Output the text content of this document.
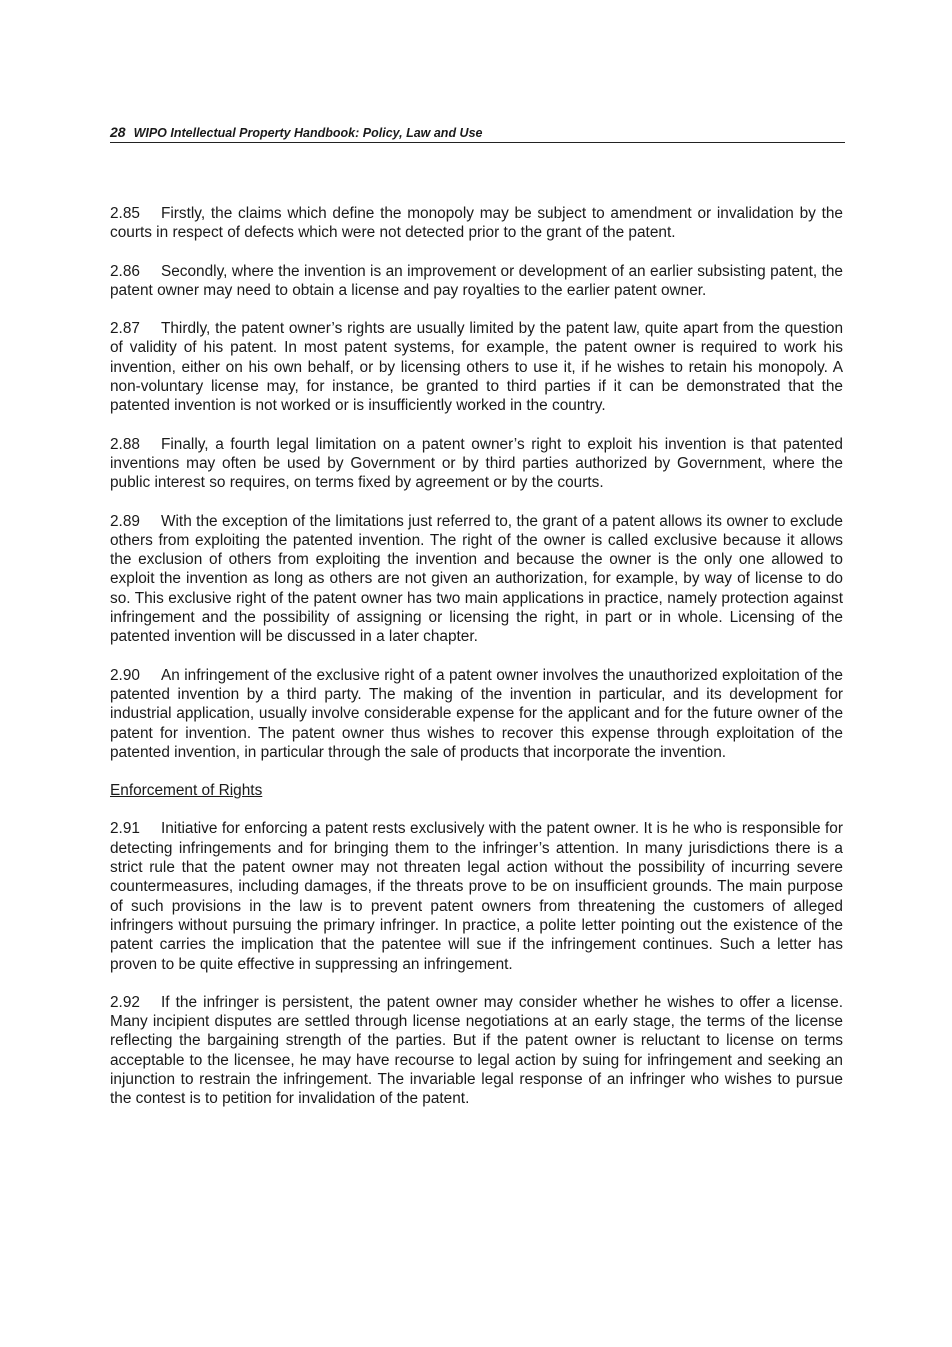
28 WIPO Intellectual Property Handbook: Policy, Law and Use

2.85 Firstly, the claims which define the monopoly may be subject to amendment or invalidation by the courts in respect of defects which were not detected prior to the grant of the patent.

2.86 Secondly, where the invention is an improvement or development of an earlier subsisting patent, the patent owner may need to obtain a license and pay royalties to the earlier patent owner.

2.87 Thirdly, the patent owner’s rights are usually limited by the patent law, quite apart from the question of validity of his patent. In most patent systems, for example, the patent owner is required to work his invention, either on his own behalf, or by licensing others to use it, if he wishes to retain his monopoly. A non-voluntary license may, for instance, be granted to third parties if it can be demonstrated that the patented invention is not worked or is insufficiently worked in the country.

2.88 Finally, a fourth legal limitation on a patent owner’s right to exploit his invention is that patented inventions may often be used by Government or by third parties authorized by Government, where the public interest so requires, on terms fixed by agreement or by the courts.

2.89 With the exception of the limitations just referred to, the grant of a patent allows its owner to exclude others from exploiting the patented invention. The right of the owner is called exclusive because it allows the exclusion of others from exploiting the invention and because the owner is the only one allowed to exploit the invention as long as others are not given an authorization, for example, by way of license to do so. This exclusive right of the patent owner has two main applications in practice, namely protection against infringement and the possibility of assigning or licensing the right, in part or in whole. Licensing of the patented invention will be discussed in a later chapter.

2.90 An infringement of the exclusive right of a patent owner involves the unauthorized exploitation of the patented invention by a third party. The making of the invention in particular, and its development for industrial application, usually involve considerable expense for the applicant and for the future owner of the patent for invention. The patent owner thus wishes to recover this expense through exploitation of the patented invention, in particular through the sale of products that incorporate the invention.

Enforcement of Rights

2.91 Initiative for enforcing a patent rests exclusively with the patent owner. It is he who is responsible for detecting infringements and for bringing them to the infringer’s attention. In many jurisdictions there is a strict rule that the patent owner may not threaten legal action without the possibility of incurring severe countermeasures, including damages, if the threats prove to be on insufficient grounds. The main purpose of such provisions in the law is to prevent patent owners from threatening the customers of alleged infringers without pursuing the primary infringer. In practice, a polite letter pointing out the existence of the patent carries the implication that the patentee will sue if the infringement continues. Such a letter has proven to be quite effective in suppressing an infringement.

2.92 If the infringer is persistent, the patent owner may consider whether he wishes to offer a license. Many incipient disputes are settled through license negotiations at an early stage, the terms of the license reflecting the bargaining strength of the parties. But if the patent owner is reluctant to license on terms acceptable to the licensee, he may have recourse to legal action by suing for infringement and seeking an injunction to restrain the infringement. The invariable legal response of an infringer who wishes to pursue the contest is to petition for invalidation of the patent.
